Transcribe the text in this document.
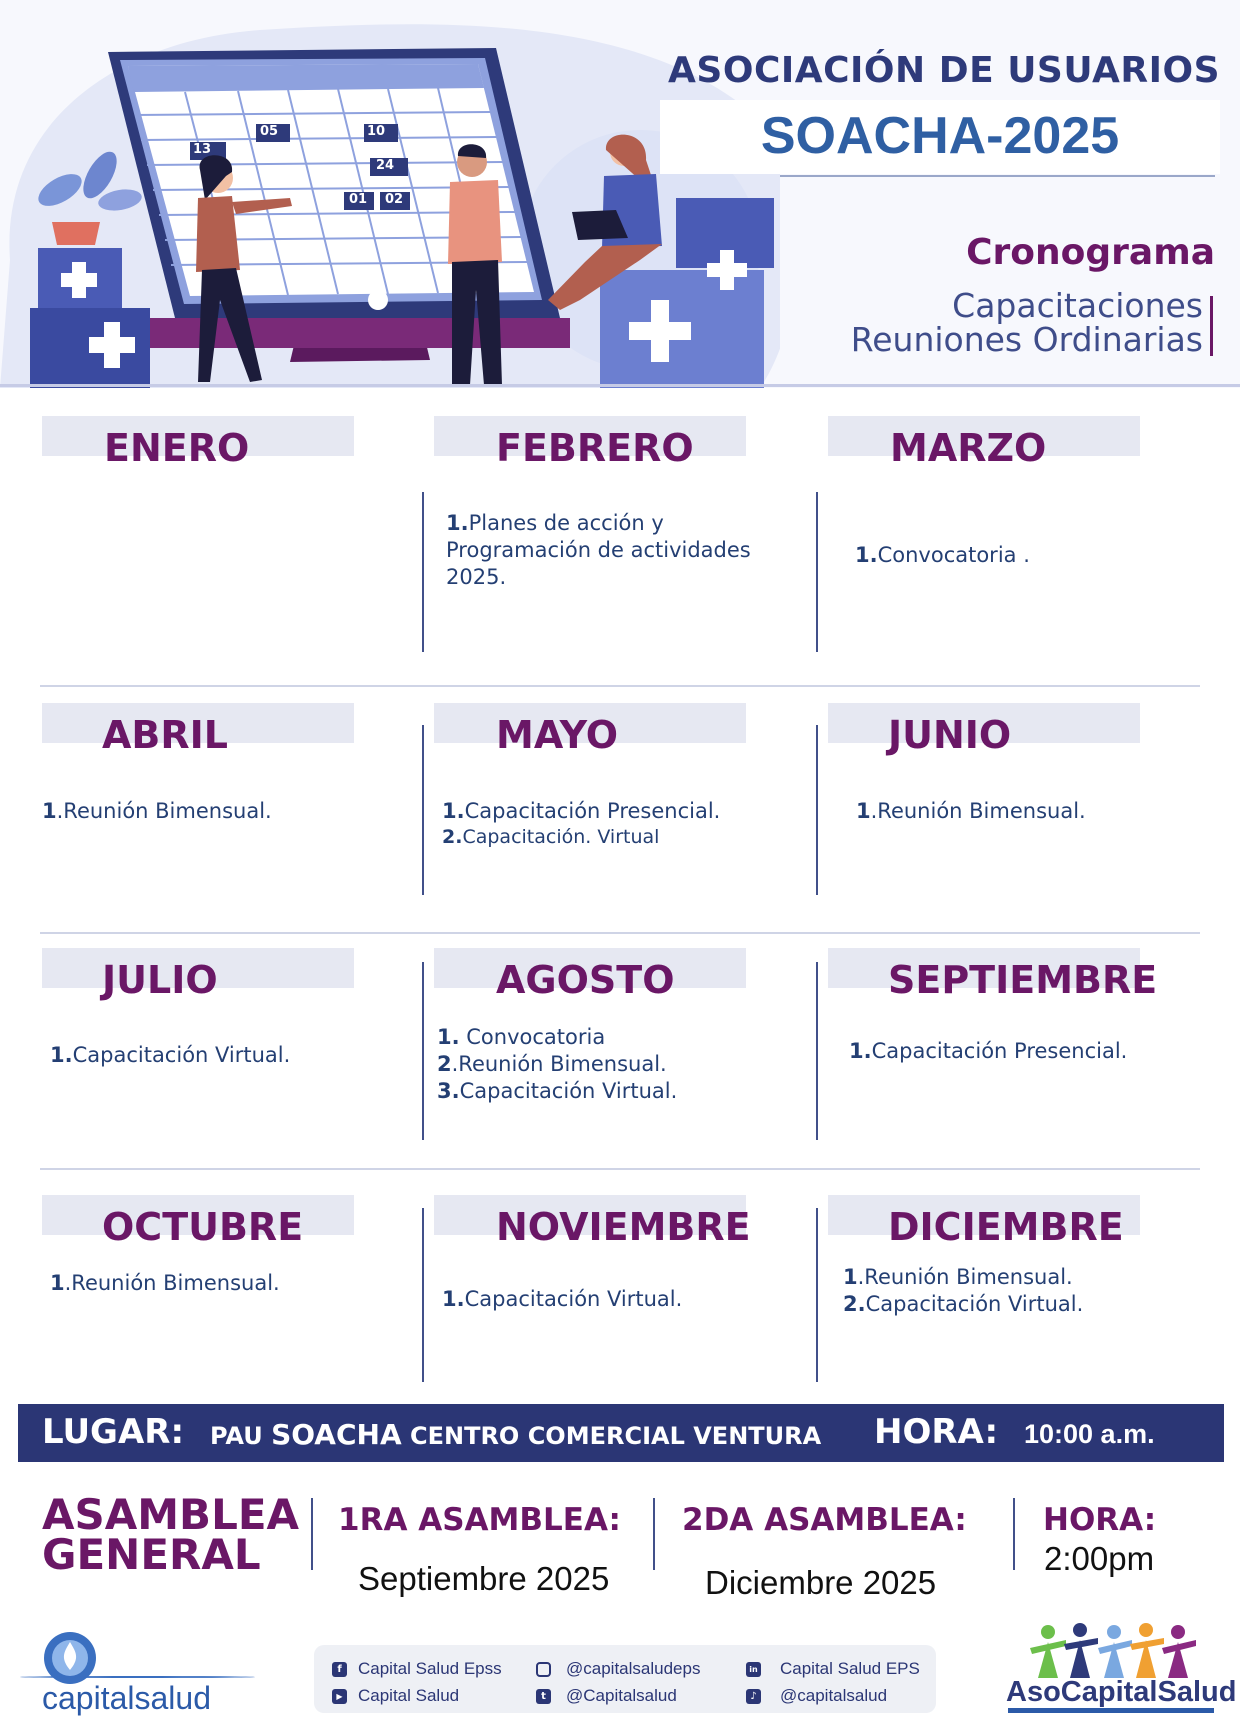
13
05	10
24
01 02
ASOCIACIÓN DE USUARIOS
SOACHA-2025
Cronograma
Capacitaciones
Reuniones Ordinarias
ENERO	FEBRERO
1.Planes de acción y
Programación de actividades
2025.
MARZO
1.Convocatoria .
ABRIL
1.Reunión Bimensual.
MAYO
1.Capacitación Presencial.
2.Capacitación. Virtual
JUNIO
1.Reunión Bimensual.
JULIO
1.Capacitación Virtual.
AGOSTO
1. Convocatoria
2.Reunión Bimensual.
3.Capacitación Virtual.
SEPTIEMBRE
1.Capacitación Presencial.
OCTUBRE
1.Reunión Bimensual.
NOVIEMBRE
1.Capacitación Virtual.
DICIEMBRE
1.Reunión Bimensual.
2.Capacitación Virtual.
LUGAR: PAU SOACHA CENTRO COMERCIAL VENTURA HORA: 10:00 a.m.
ASAMBLEA
GENERAL
1RA ASAMBLEA:
Septiembre 2025
2DA ASAMBLEA:
Diciembre 2025
HORA:
2:00pm
capitalsalud
f Capital Salud Epss
▶ Capital Salud
@capitalsaludeps
t	@Capitalsalud
in Capital Salud EPS
♪ @capitalsalud	AsoCapitalSalud
